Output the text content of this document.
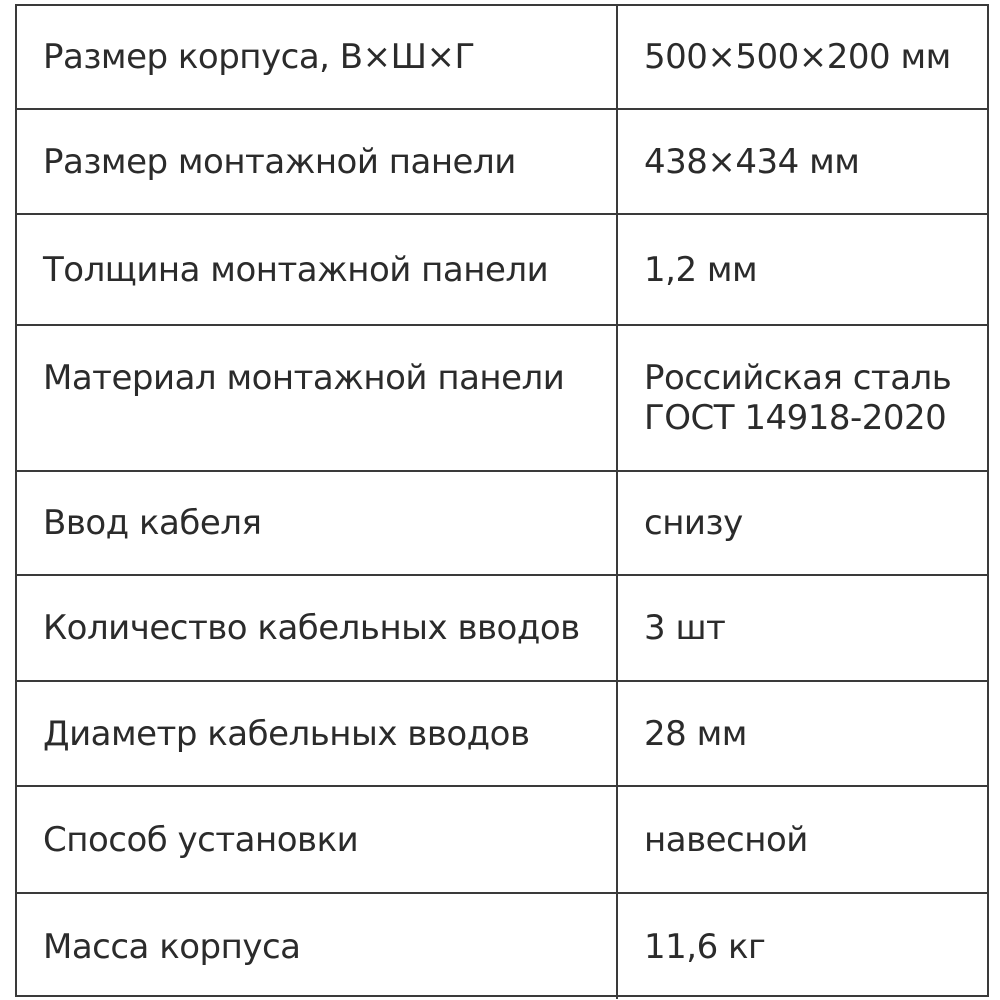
Размер корпуса, В×Ш×Г	500×500×200 мм
Размер монтажной панели	438×434 мм
Толщина монтажной панели	1,2 мм
Материал монтажной панели	Российская сталь
ГОСТ 14918-2020
Ввод кабеля	снизу
Количество кабельных вводов	3 шт
Диаметр кабельных вводов	28 мм
Способ установки	навесной
Масса корпуса	11,6 кг
